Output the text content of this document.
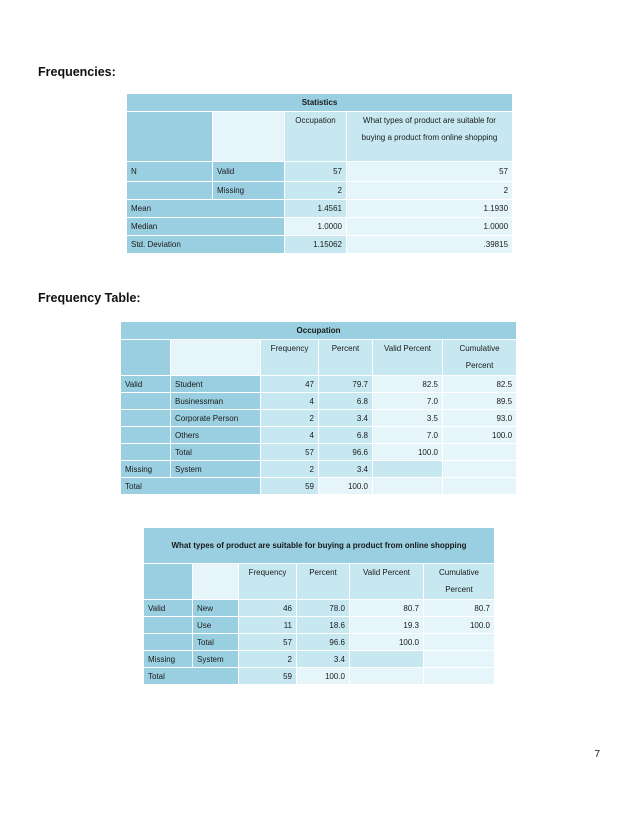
Frequencies:
Statistics			
		Occupation	What types of product are suitable for buying a product from online shopping
N	Valid	57	57
	Missing	2	2
Mean		1.4561	1.1930
Median		1.0000	1.0000
Std. Deviation		1.15062	.39815
Frequency Table:
Occupation					
		Frequency	Percent	Valid Percent	Cumulative Percent
Valid	Student	47	79.7	82.5	82.5
	Businessman	4	6.8	7.0	89.5
	Corporate Person	2	3.4	3.5	93.0
	Others	4	6.8	7.0	100.0
	Total	57	96.6	100.0	
Missing	System	2	3.4		
Total		59	100.0		
What types of product are suitable for buying a product from online shopping					
		Frequency	Percent	Valid Percent	Cumulative Percent
Valid	New	46	78.0	80.7	80.7
	Use	11	18.6	19.3	100.0
	Total	57	96.6	100.0	
Missing	System	2	3.4		
Total		59	100.0		
7
